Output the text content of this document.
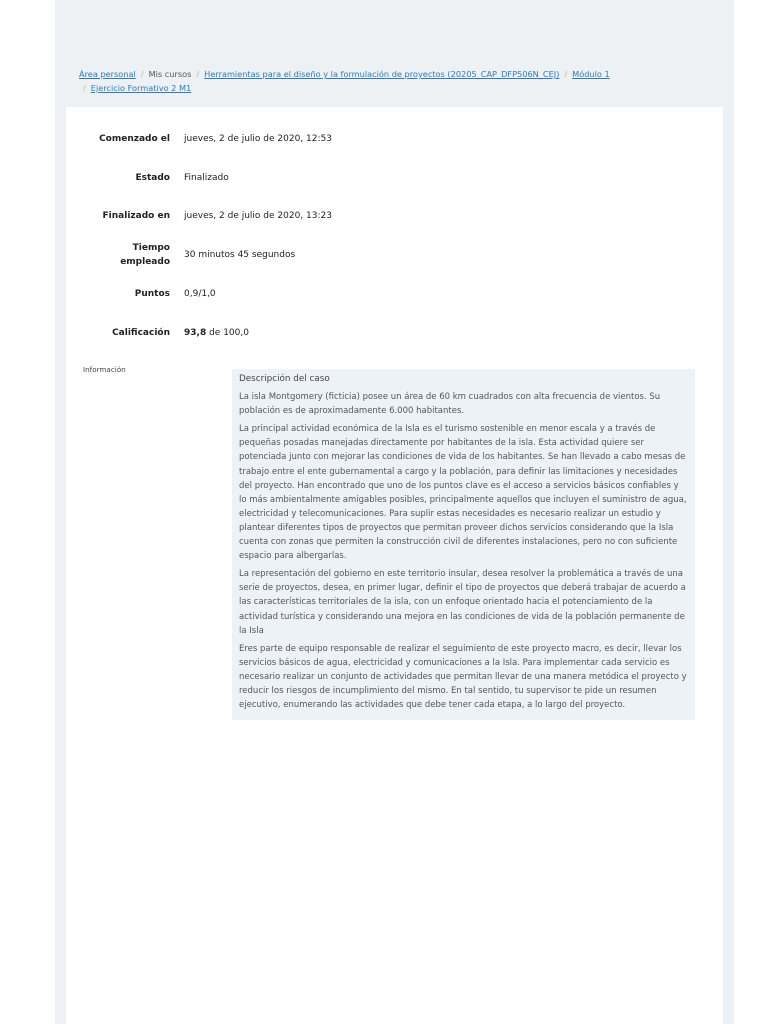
Área personal / Mis cursos / Herramientas para el diseño y la formulación de proyectos (20205_CAP_DFP506N_CEJ) / Módulo 1
/ Ejercicio Formativo 2 M1
Comenzado el jueves, 2 de julio de 2020, 12:53
Estado Finalizado
Finalizado en jueves, 2 de julio de 2020, 13:23
Tiempo
empleado
30 minutos 45 segundos
Puntos 0,9/1,0
Calificación 93,8 de 100,0
Información

Descripción del caso

La isla Montgomery (ficticia) posee un área de 60 km cuadrados con alta frecuencia de vientos. Su población es de aproximadamente 6.000 habitantes.

La principal actividad económica de la Isla es el turismo sostenible en menor escala y a través de pequeñas posadas manejadas directamente por habitantes de la isla. Esta actividad quiere ser potenciada junto con mejorar las condiciones de vida de los habitantes. Se han llevado a cabo mesas de trabajo entre el ente gubernamental a cargo y la población, para definir las limitaciones y necesidades del proyecto. Han encontrado que uno de los puntos clave es el acceso a servicios básicos confiables y lo más ambientalmente amigables posibles, principalmente aquellos que incluyen el suministro de agua, electricidad y telecomunicaciones. Para suplir estas necesidades es necesario realizar un estudio y plantear diferentes tipos de proyectos que permitan proveer dichos servicios considerando que la Isla cuenta con zonas que permiten la construcción civil de diferentes instalaciones, pero no con suficiente espacio para albergarlas.

La representación del gobierno en este territorio insular, desea resolver la problemática a través de una serie de proyectos, desea, en primer lugar, definir el tipo de proyectos que deberá trabajar de acuerdo a las características territoriales de la isla, con un enfoque orientado hacia el potenciamiento de la actividad turística y considerando una mejora en las condiciones de vida de la población permanente de la Isla

Eres parte de equipo responsable de realizar el seguimiento de este proyecto macro, es decir, llevar los servicios básicos de agua, electricidad y comunicaciones a la Isla. Para implementar cada servicio es necesario realizar un conjunto de actividades que permitan llevar de una manera metódica el proyecto y reducir los riesgos de incumplimiento del mismo. En tal sentido, tu supervisor te pide un resumen ejecutivo, enumerando las actividades que debe tener cada etapa, a lo largo del proyecto.
